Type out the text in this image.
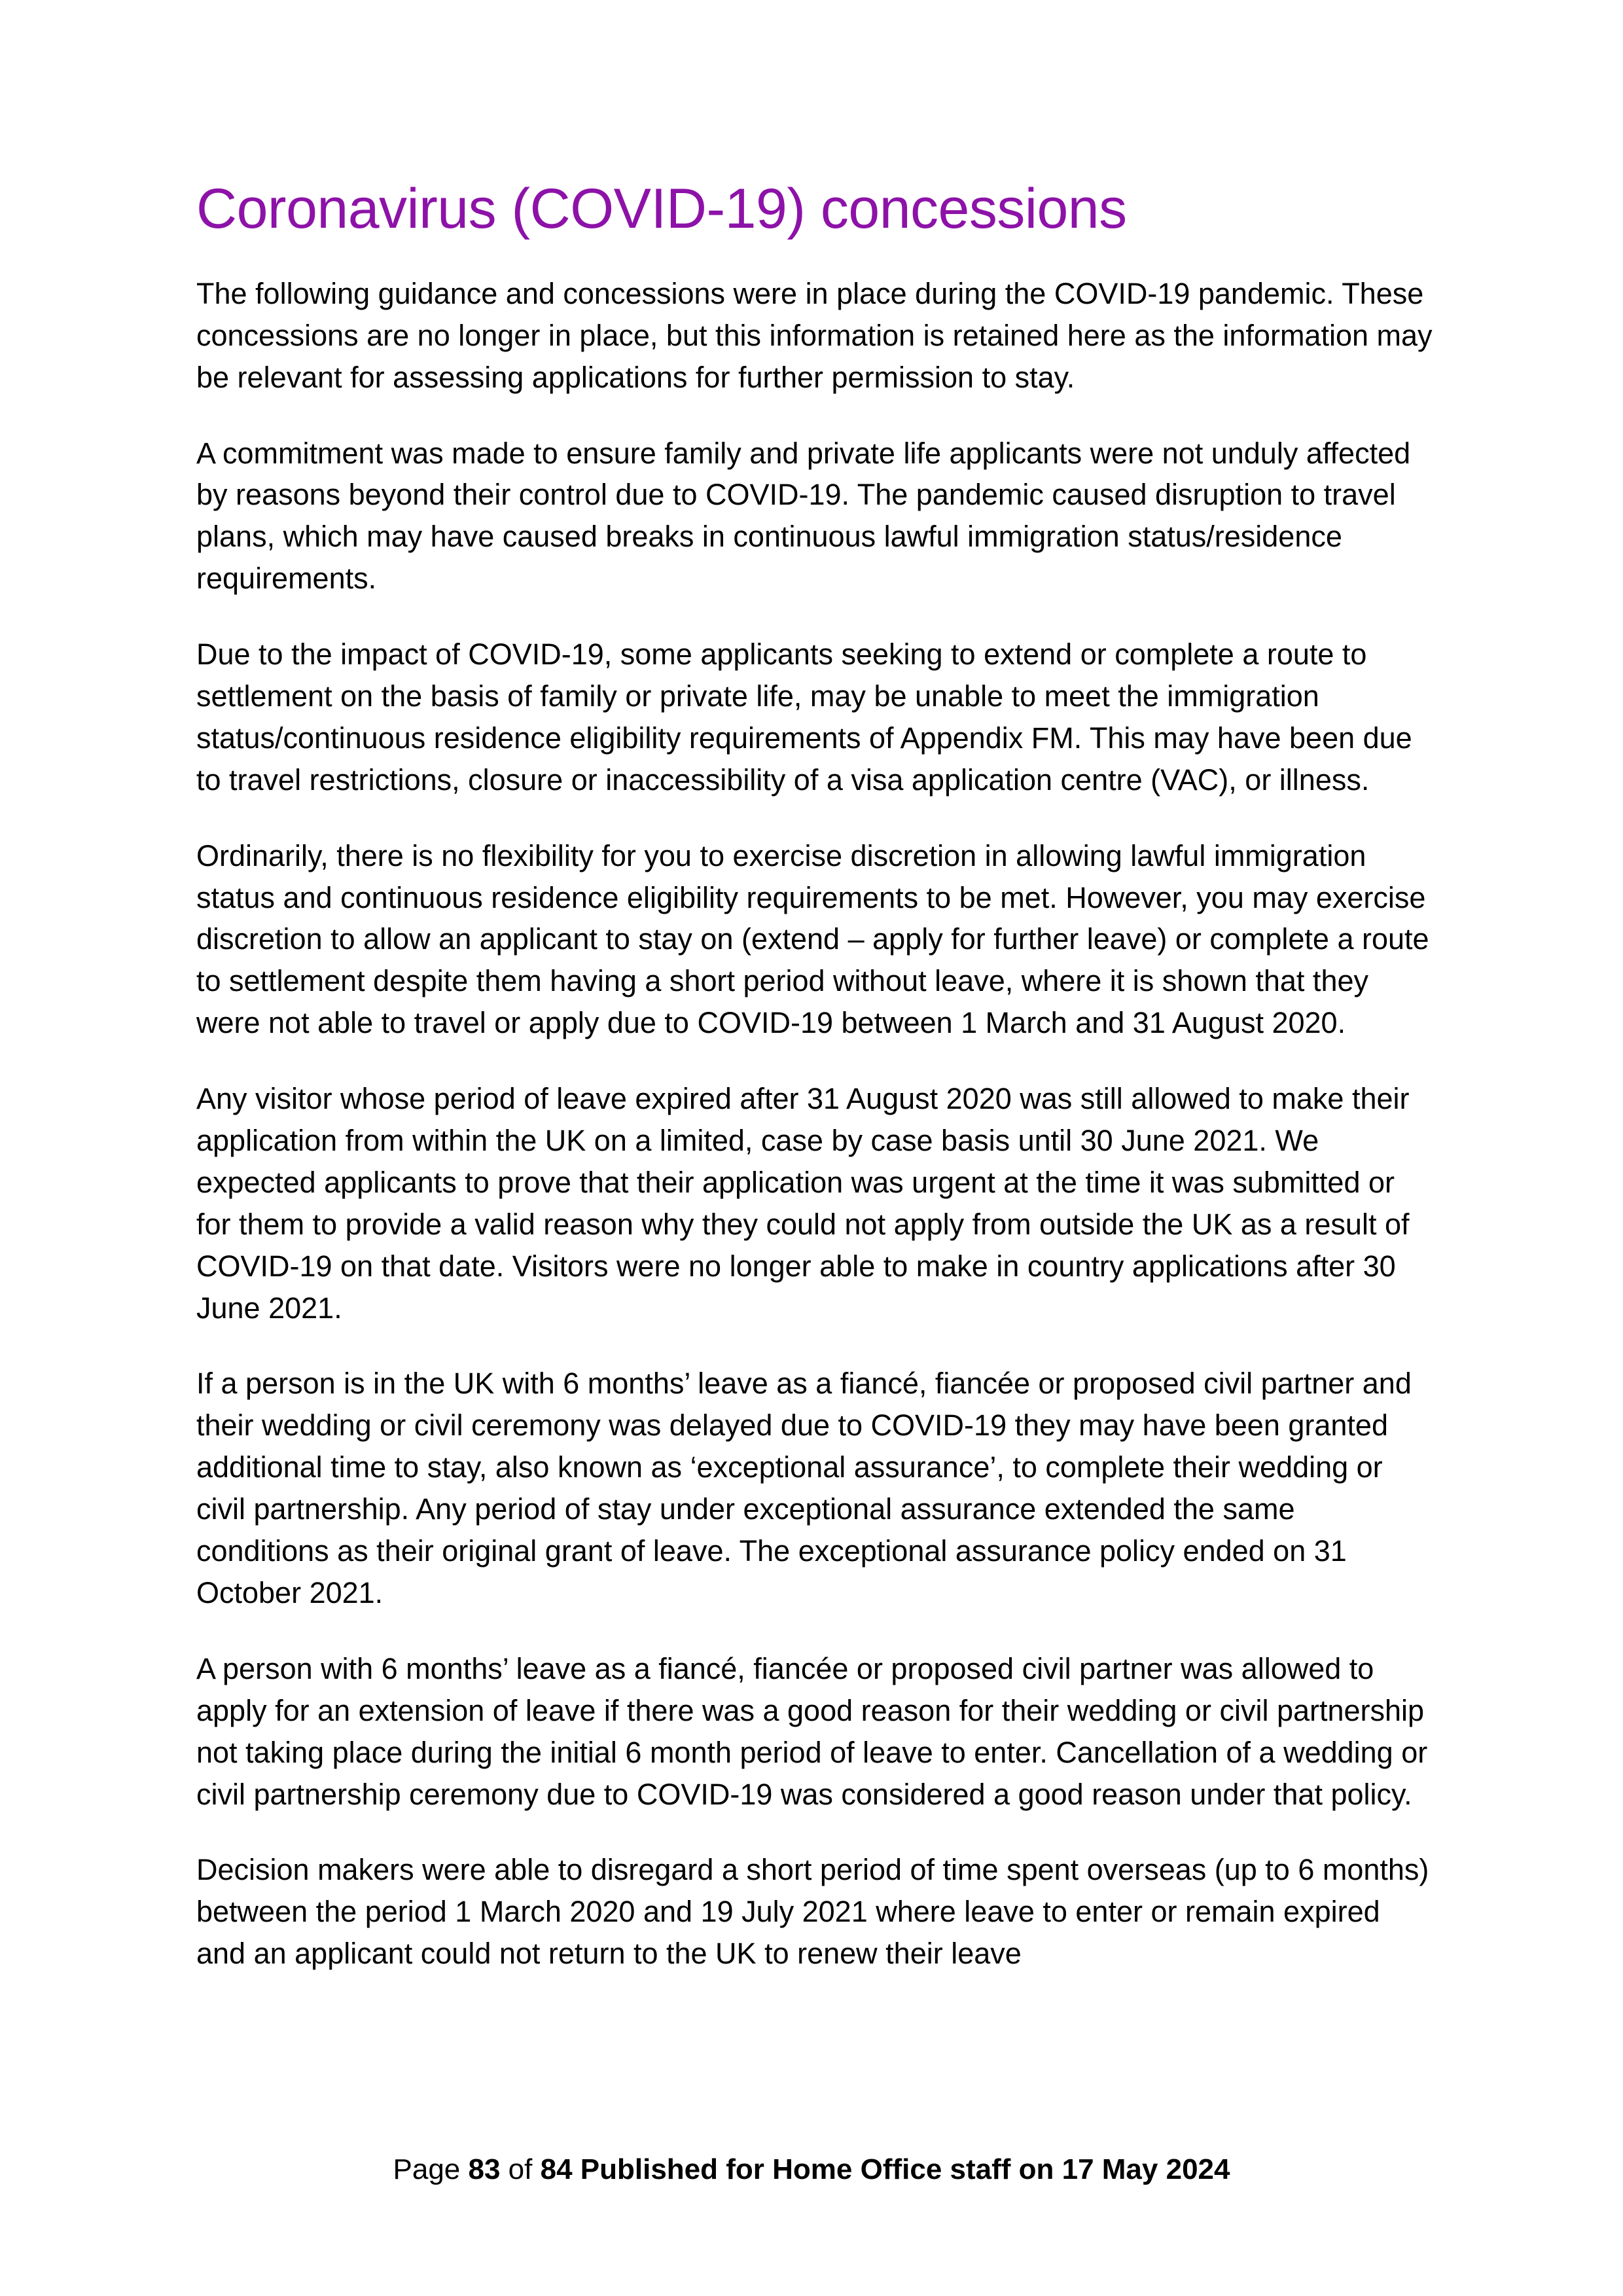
Coronavirus (COVID-19) concessions

The following guidance and concessions were in place during the COVID-19 pandemic. These concessions are no longer in place, but this information is retained here as the information may be relevant for assessing applications for further permission to stay.

A commitment was made to ensure family and private life applicants were not unduly affected by reasons beyond their control due to COVID-19. The pandemic caused disruption to travel plans, which may have caused breaks in continuous lawful immigration status/residence requirements.

Due to the impact of COVID-19, some applicants seeking to extend or complete a route to settlement on the basis of family or private life, may be unable to meet the immigration status/continuous residence eligibility requirements of Appendix FM. This may have been due to travel restrictions, closure or inaccessibility of a visa application centre (VAC), or illness.

Ordinarily, there is no flexibility for you to exercise discretion in allowing lawful immigration status and continuous residence eligibility requirements to be met. However, you may exercise discretion to allow an applicant to stay on (extend – apply for further leave) or complete a route to settlement despite them having a short period without leave, where it is shown that they were not able to travel or apply due to COVID-19 between 1 March and 31 August 2020.

Any visitor whose period of leave expired after 31 August 2020 was still allowed to make their application from within the UK on a limited, case by case basis until 30 June 2021. We expected applicants to prove that their application was urgent at the time it was submitted or for them to provide a valid reason why they could not apply from outside the UK as a result of COVID-19 on that date. Visitors were no longer able to make in country applications after 30 June 2021.

If a person is in the UK with 6 months’ leave as a fiancé, fiancée or proposed civil partner and their wedding or civil ceremony was delayed due to COVID-19 they may have been granted additional time to stay, also known as ‘exceptional assurance’, to complete their wedding or civil partnership. Any period of stay under exceptional assurance extended the same conditions as their original grant of leave. The exceptional assurance policy ended on 31 October 2021.

A person with 6 months’ leave as a fiancé, fiancée or proposed civil partner was allowed to apply for an extension of leave if there was a good reason for their wedding or civil partnership not taking place during the initial 6 month period of leave to enter. Cancellation of a wedding or civil partnership ceremony due to COVID-19 was considered a good reason under that policy.

Decision makers were able to disregard a short period of time spent overseas (up to 6 months) between the period 1 March 2020 and 19 July 2021 where leave to enter or remain expired and an applicant could not return to the UK to renew their leave

Page 83 of 84 Published for Home Office staff on 17 May 2024
